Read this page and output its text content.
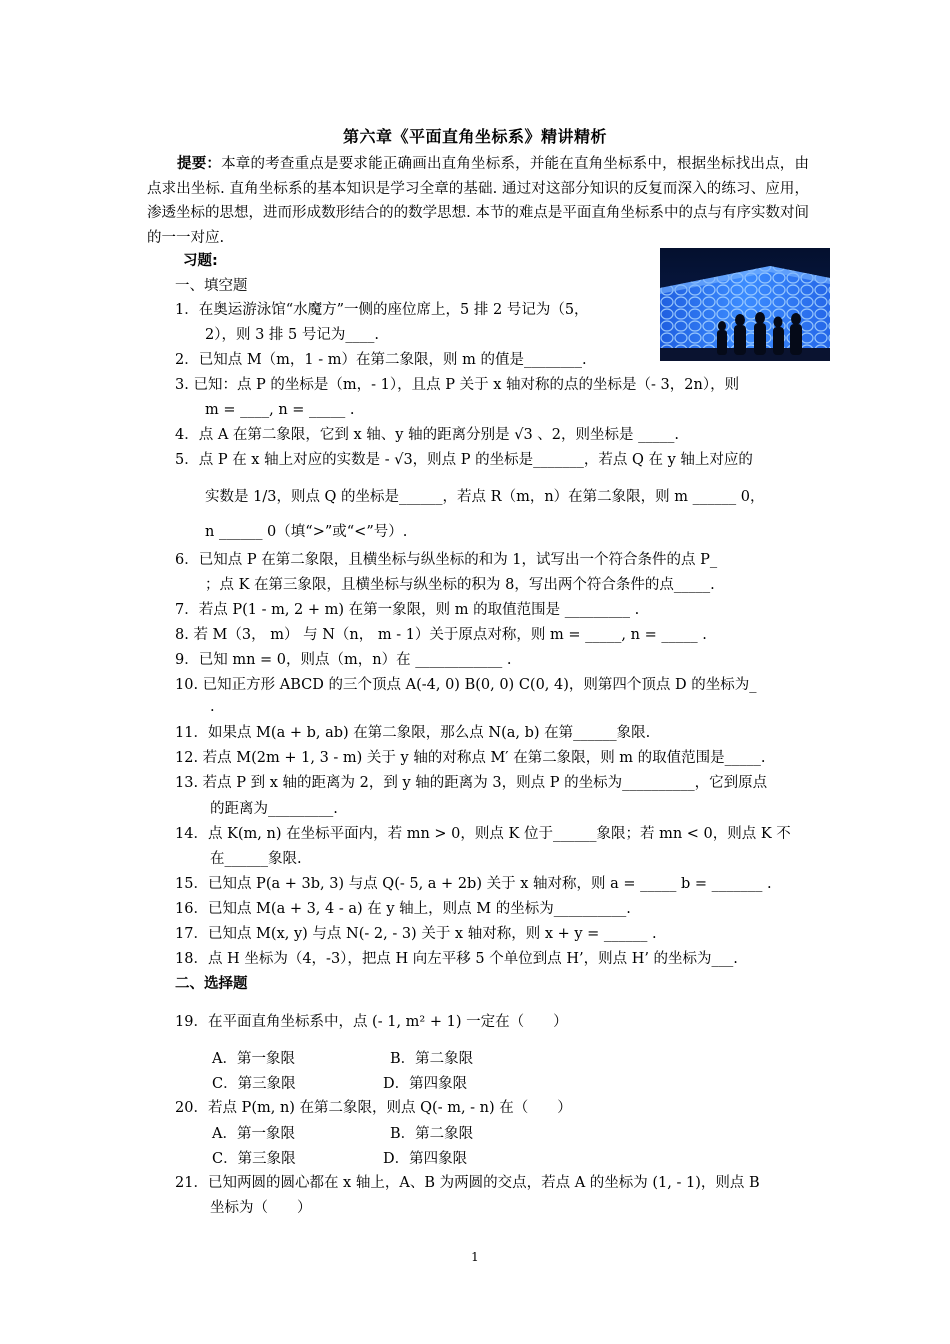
第六章《平面直角坐标系》精讲精析
提要：本章的考查重点是要求能正确画出直角坐标系，并能在直角坐标系中，根据坐标找出点，由点求出坐标. 直角坐标系的基本知识是学习全章的基础. 通过对这部分知识的反复而深入的练习、应用，渗透坐标的思想，进而形成数形结合的的数学思想. 本节的难点是平面直角坐标系中的点与有序实数对间的一一对应.
习题:
一、填空题
1．在奥运游泳馆“水魔方”一侧的座位席上，5 排 2 号记为（5，
2），则 3 排 5 号记为____.
2．已知点 M（m，1 - m）在第二象限，则 m 的值是________.
3. 已知：点 P 的坐标是（m，- 1），且点 P 关于 x 轴对称的点的坐标是（- 3，2n），则
m = ____, n = _____ .
4．点 A 在第二象限，它到 x 轴、y 轴的距离分别是 √3 、2，则坐标是 _____.
5．点 P 在 x 轴上对应的实数是 - √3，则点 P 的坐标是_______，若点 Q 在 y 轴上对应的
实数是 1/3，则点 Q 的坐标是______，若点 R（m，n）在第二象限，则 m ______ 0，
n ______ 0（填“>”或“<”号）.
6．已知点 P 在第二象限，且横坐标与纵坐标的和为 1，试写出一个符合条件的点 P_
；点 K 在第三象限，且横坐标与纵坐标的积为 8，写出两个符合条件的点_____.
7．若点 P(1 - m, 2 + m) 在第一象限，则 m 的取值范围是 _________ .
8. 若 M（3， m） 与 N（n， m - 1）关于原点对称，则 m = _____, n = _____ .
9．已知 mn = 0，则点（m，n）在 ____________ .
10. 已知正方形 ABCD 的三个顶点 A(-4, 0) B(0, 0) C(0, 4)，则第四个顶点 D 的坐标为_
.
11．如果点 M(a + b, ab) 在第二象限，那么点 N(a, b) 在第______象限.
12. 若点 M(2m + 1, 3 - m) 关于 y 轴的对称点 M′ 在第二象限，则 m 的取值范围是_____.
13. 若点 P 到 x 轴的距离为 2，到 y 轴的距离为 3，则点 P 的坐标为__________，它到原点
的距离为_________.
14．点 K(m, n) 在坐标平面内，若 mn > 0，则点 K 位于______象限；若 mn < 0，则点 K 不
在______象限.
15．已知点 P(a + 3b, 3) 与点 Q(- 5, a + 2b) 关于 x 轴对称，则 a = _____ b = _______ .
16．已知点 M(a + 3, 4 - a) 在 y 轴上，则点 M 的坐标为__________.
17．已知点 M(x, y) 与点 N(- 2, - 3) 关于 x 轴对称，则 x + y = ______ .
18．点 H 坐标为（4，-3），把点 H 向左平移 5 个单位到点 H’，则点 H’ 的坐标为___.
二、选择题
19．在平面直角坐标系中，点 (- 1, m² + 1) 一定在（　　）
A．第一象限	B．第二象限
C．第三象限	D．第四象限
20．若点 P(m, n) 在第二象限，则点 Q(- m, - n) 在（　　）
A．第一象限	B．第二象限
C．第三象限	D．第四象限
21．已知两圆的圆心都在 x 轴上，A、B 为两圆的交点，若点 A 的坐标为 (1, - 1)，则点 B
坐标为（　　）
1
